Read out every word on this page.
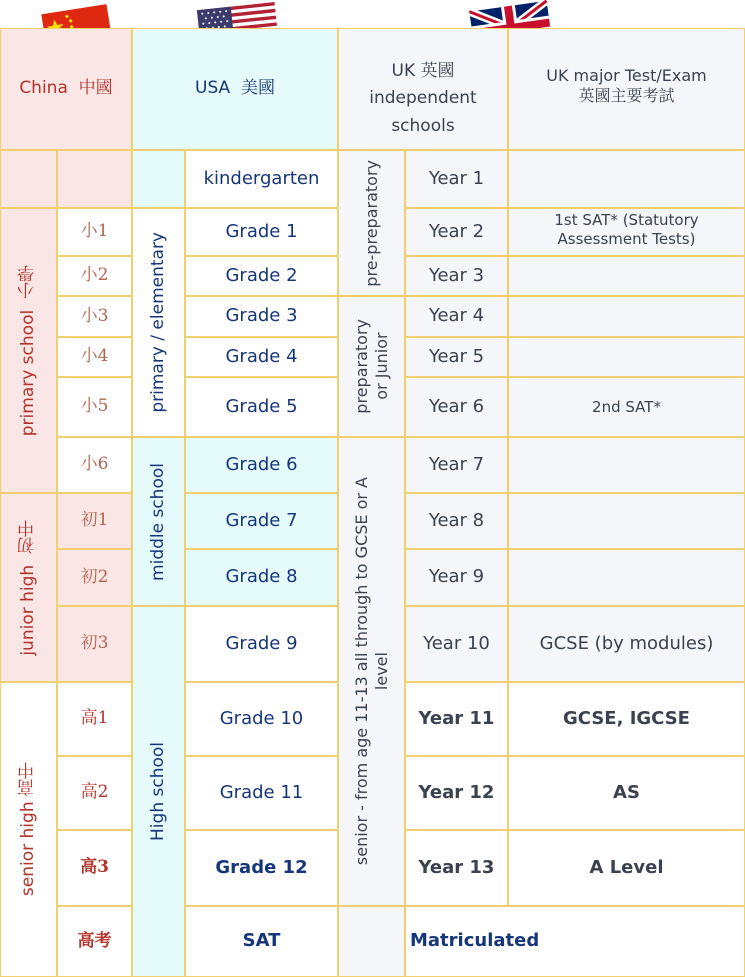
China  中國	USA  美國
UK 英國
independent
schools
UK major Test/Exam
英國主要考試
primary school  小學
junior high  初中
senior high 高中
小1
小2
小3
小4
小5
小6
初1
初2
初3
高1
高2
高3
高考
primary / elementary
middle school
High school
kindergarten
Grade 1
Grade 2
Grade 3
Grade 4
Grade 5
Grade 6
Grade 7
Grade 8
Grade 9
Grade 10
Grade 11
Grade 12
SAT
pre-preparatory
preparatory
or Junior
senior - from age 11-13 all through to GCSE or A
level
Year 1
Year 2
Year 3
Year 4
Year 5
Year 6
Year 7
Year 8
Year 9
Year 10
Year 11
Year 12
Year 13
1st SAT* (Statutory
Assessment Tests)
2nd SAT*
GCSE (by modules)
GCSE, IGCSE
AS
A Level
Matriculated
